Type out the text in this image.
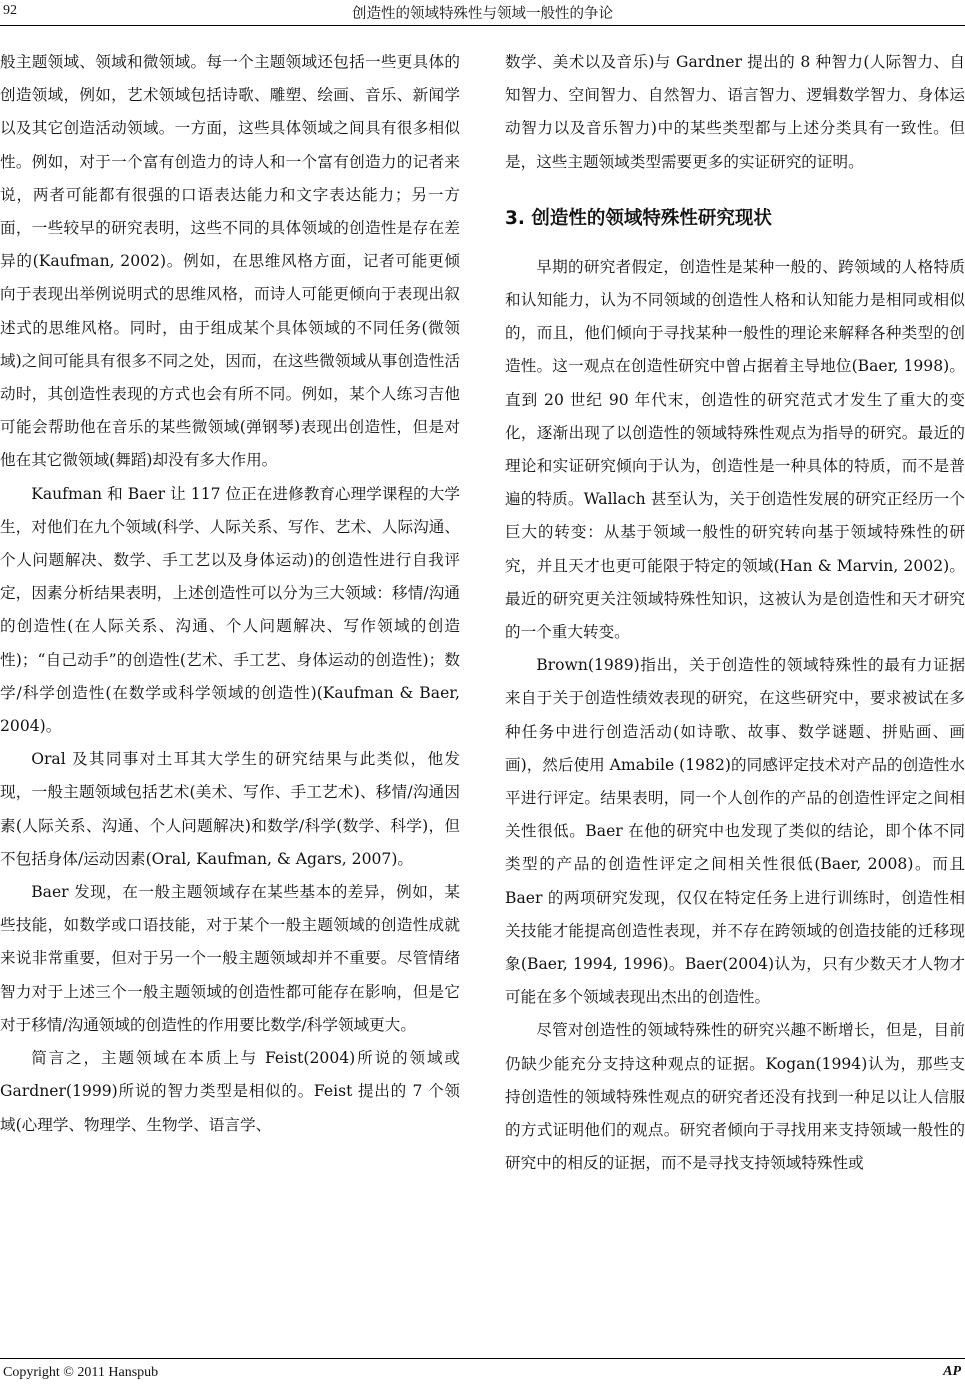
92	创造性的领域特殊性与领域一般性的争论

般主题领域、领域和微领域。每一个主题领域还包括一些更具体的创造领域，例如，艺术领域包括诗歌、雕塑、绘画、音乐、新闻学以及其它创造活动领域。一方面，这些具体领域之间具有很多相似性。例如，对于一个富有创造力的诗人和一个富有创造力的记者来说，两者可能都有很强的口语表达能力和文字表达能力；另一方面，一些较早的研究表明，这些不同的具体领域的创造性是存在差异的(Kaufman, 2002)。例如，在思维风格方面，记者可能更倾向于表现出举例说明式的思维风格，而诗人可能更倾向于表现出叙述式的思维风格。同时，由于组成某个具体领域的不同任务(微领域)之间可能具有很多不同之处，因而，在这些微领域从事创造性活动时，其创造性表现的方式也会有所不同。例如，某个人练习吉他可能会帮助他在音乐的某些微领域(弹钢琴)表现出创造性，但是对他在其它微领域(舞蹈)却没有多大作用。

Kaufman 和 Baer 让 117 位正在进修教育心理学课程的大学生，对他们在九个领域(科学、人际关系、写作、艺术、人际沟通、个人问题解决、数学、手工艺以及身体运动)的创造性进行自我评定，因素分析结果表明，上述创造性可以分为三大领域：移情/沟通的创造性(在人际关系、沟通、个人问题解决、写作领域的创造性)；“自己动手”的创造性(艺术、手工艺、身体运动的创造性)；数学/科学创造性(在数学或科学领域的创造性)(Kaufman & Baer, 2004)。

Oral 及其同事对土耳其大学生的研究结果与此类似，他发现，一般主题领域包括艺术(美术、写作、手工艺术)、移情/沟通因素(人际关系、沟通、个人问题解决)和数学/科学(数学、科学)，但不包括身体/运动因素(Oral, Kaufman, & Agars, 2007)。

Baer 发现，在一般主题领域存在某些基本的差异，例如，某些技能，如数学或口语技能，对于某个一般主题领域的创造性成就来说非常重要，但对于另一个一般主题领域却并不重要。尽管情绪智力对于上述三个一般主题领域的创造性都可能存在影响，但是它对于移情/沟通领域的创造性的作用要比数学/科学领域更大。

简言之，主题领域在本质上与 Feist(2004)所说的领域或 Gardner(1999)所说的智力类型是相似的。Feist 提出的 7 个领域(心理学、物理学、生物学、语言学、

数学、美术以及音乐)与 Gardner 提出的 8 种智力(人际智力、自知智力、空间智力、自然智力、语言智力、逻辑数学智力、身体运动智力以及音乐智力)中的某些类型都与上述分类具有一致性。但是，这些主题领域类型需要更多的实证研究的证明。

3. 创造性的领域特殊性研究现状

早期的研究者假定，创造性是某种一般的、跨领域的人格特质和认知能力，认为不同领域的创造性人格和认知能力是相同或相似的，而且，他们倾向于寻找某种一般性的理论来解释各种类型的创造性。这一观点在创造性研究中曾占据着主导地位(Baer, 1998)。直到 20 世纪 90 年代末，创造性的研究范式才发生了重大的变化，逐渐出现了以创造性的领域特殊性观点为指导的研究。最近的理论和实证研究倾向于认为，创造性是一种具体的特质，而不是普遍的特质。Wallach 甚至认为，关于创造性发展的研究正经历一个巨大的转变：从基于领域一般性的研究转向基于领域特殊性的研究，并且天才也更可能限于特定的领域(Han & Marvin, 2002)。最近的研究更关注领域特殊性知识，这被认为是创造性和天才研究的一个重大转变。

Brown(1989)指出，关于创造性的领域特殊性的最有力证据来自于关于创造性绩效表现的研究，在这些研究中，要求被试在多种任务中进行创造活动(如诗歌、故事、数学谜题、拼贴画、画画)，然后使用 Amabile (1982)的同感评定技术对产品的创造性水平进行评定。结果表明，同一个人创作的产品的创造性评定之间相关性很低。Baer 在他的研究中也发现了类似的结论，即个体不同类型的产品的创造性评定之间相关性很低(Baer, 2008)。而且 Baer 的两项研究发现，仅仅在特定任务上进行训练时，创造性相关技能才能提高创造性表现，并不存在跨领域的创造技能的迁移现象(Baer, 1994, 1996)。Baer(2004)认为，只有少数天才人物才可能在多个领域表现出杰出的创造性。

尽管对创造性的领域特殊性的研究兴趣不断增长，但是，目前仍缺少能充分支持这种观点的证据。Kogan(1994)认为，那些支持创造性的领域特殊性观点的研究者还没有找到一种足以让人信服的方式证明他们的观点。研究者倾向于寻找用来支持领域一般性的研究中的相反的证据，而不是寻找支持领域特殊性或

Copyright © 2011 Hanspub	AP
